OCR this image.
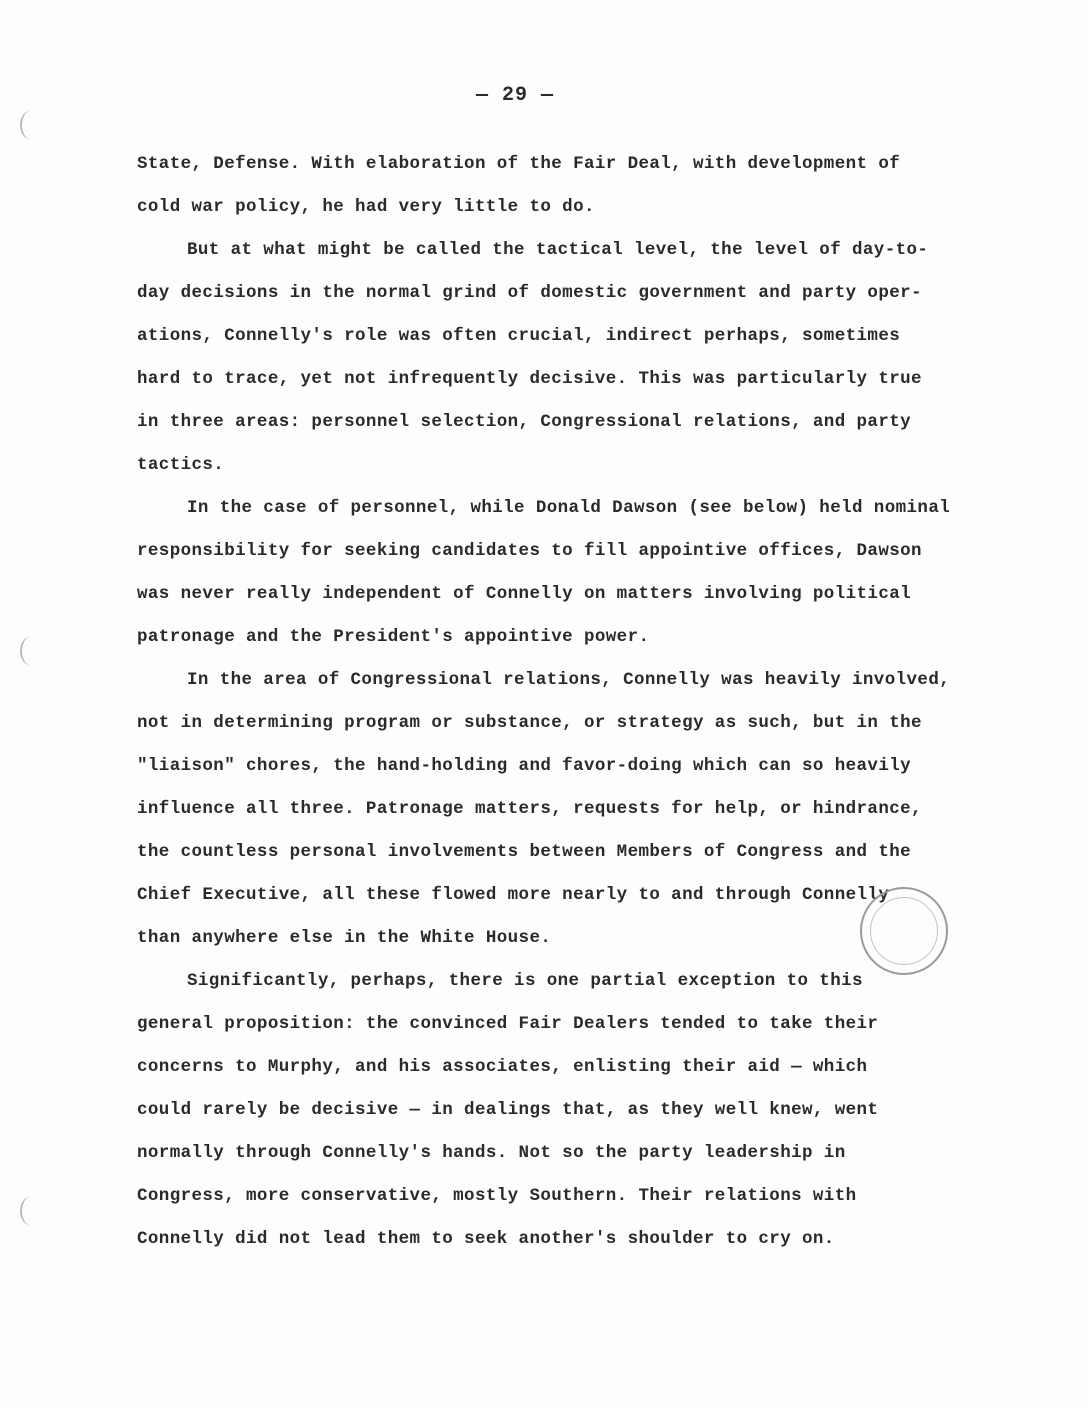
— 29 —
State, Defense. With elaboration of the Fair Deal, with development of
cold war policy, he had very little to do.
But at what might be called the tactical level, the level of day-to-
day decisions in the normal grind of domestic government and party oper-
ations, Connelly's role was often crucial, indirect perhaps, sometimes
hard to trace, yet not infrequently decisive. This was particularly true
in three areas: personnel selection, Congressional relations, and party
tactics.
In the case of personnel, while Donald Dawson (see below) held nominal
responsibility for seeking candidates to fill appointive offices, Dawson
was never really independent of Connelly on matters involving political
patronage and the President's appointive power.
In the area of Congressional relations, Connelly was heavily involved,
not in determining program or substance, or strategy as such, but in the
"liaison" chores, the hand-holding and favor-doing which can so heavily
influence all three. Patronage matters, requests for help, or hindrance,
the countless personal involvements between Members of Congress and the
Chief Executive, all these flowed more nearly to and through Connelly
than anywhere else in the White House.
Significantly, perhaps, there is one partial exception to this
general proposition: the convinced Fair Dealers tended to take their
concerns to Murphy, and his associates, enlisting their aid — which
could rarely be decisive — in dealings that, as they well knew, went
normally through Connelly's hands. Not so the party leadership in
Congress, more conservative, mostly Southern. Their relations with
Connelly did not lead them to seek another's shoulder to cry on.
